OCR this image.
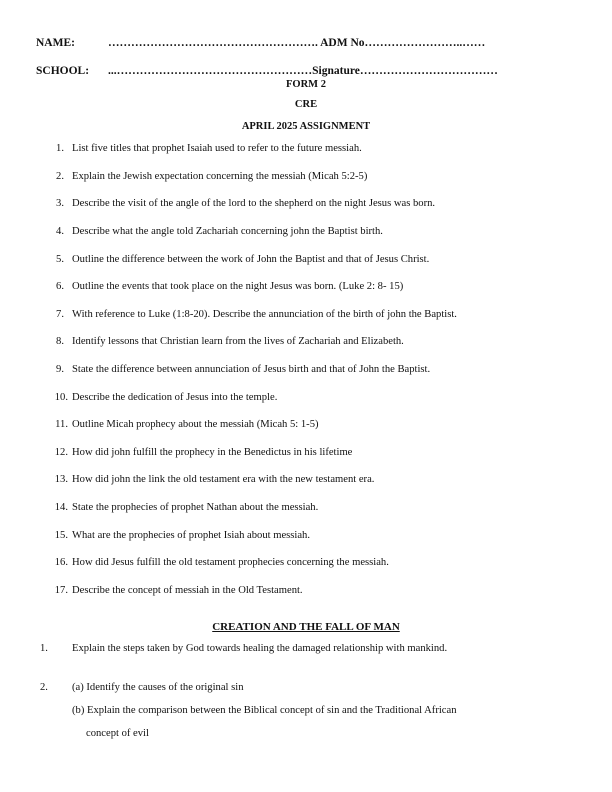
NAME:	………………………………………………. ADM No……………………..……
SCHOOL: ...……………………………………………Signature………………………………
FORM 2
CRE
APRIL 2025 ASSIGNMENT
1. List five titles that prophet Isaiah used to refer to the future messiah.
2. Explain the Jewish expectation concerning the messiah (Micah 5:2-5)
3. Describe the visit of the angle of the lord to the shepherd on the night Jesus was born.
4. Describe what the angle told Zachariah concerning john the Baptist birth.
5. Outline the difference between the work of John the Baptist and that of Jesus Christ.
6. Outline the events that took place on the night Jesus was born. (Luke 2: 8- 15)
7. With reference to Luke (1:8-20). Describe the annunciation of the birth of john the Baptist.
8. Identify lessons that Christian learn from the lives of Zachariah and Elizabeth.
9. State the difference between annunciation of Jesus birth and that of John the Baptist.
10. Describe the dedication of Jesus into the temple.
11. Outline Micah prophecy about the messiah (Micah 5: 1-5)
12. How did john fulfill the prophecy in the Benedictus in his lifetime
13. How did john the link the old testament era with the new testament era.
14. State the prophecies of prophet Nathan about the messiah.
15. What are the prophecies of prophet Isiah about messiah.
16. How did Jesus fulfill the old testament prophecies concerning the messiah.
17. Describe the concept of messiah in the Old Testament.
CREATION AND THE FALL OF MAN
1. Explain the steps taken by God towards healing the damaged relationship with mankind.
2. (a) Identify the causes of the original sin
(b) Explain the comparison between the Biblical concept of sin and the Traditional African
concept of evil
